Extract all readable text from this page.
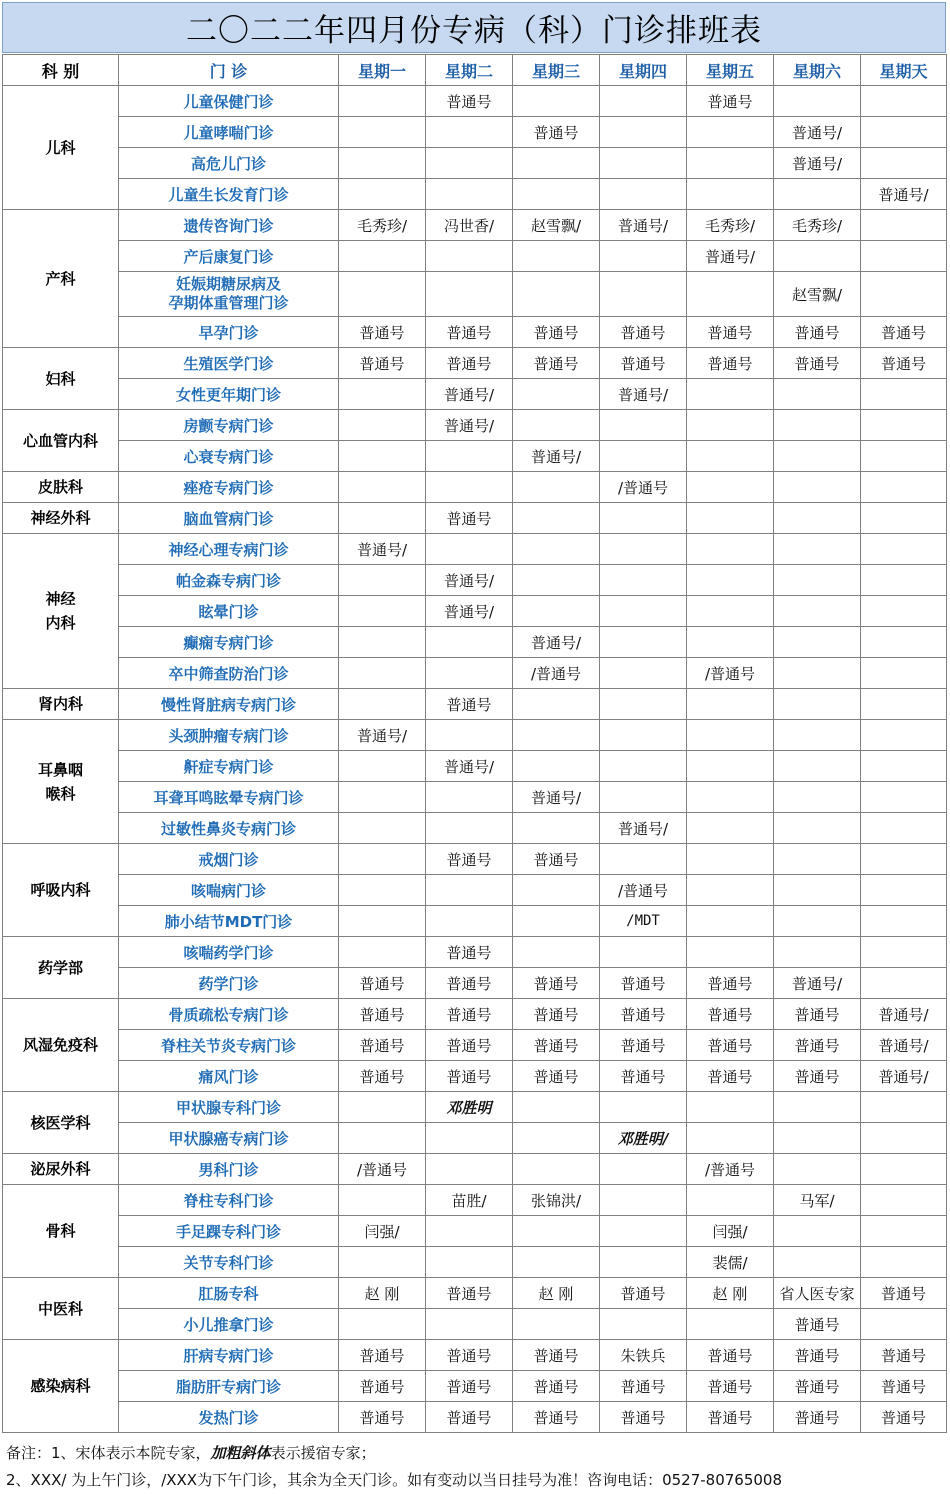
二〇二二年四月份专病（科）门诊排班表
科 别	门 诊	星期一	星期二	星期三	星期四	星期五	星期六	星期天
儿科	儿童保健门诊		普通号			普通号		
	儿童哮喘门诊			普通号			普通号/	
	高危儿门诊						普通号/	
	儿童生长发育门诊							普通号/
产科	遗传咨询门诊	毛秀珍/	冯世香/	赵雪飘/	普通号/	毛秀珍/	毛秀珍/	
	产后康复门诊					普通号/		

	妊娠期糖尿病及
孕期体重管理门诊						赵雪飘/	
	早孕门诊	普通号	普通号	普通号	普通号	普通号	普通号	普通号
妇科	生殖医学门诊	普通号	普通号	普通号	普通号	普通号	普通号	普通号
	女性更年期门诊		普通号/		普通号/			
心血管内科	房颤专病门诊		普通号/					
	心衰专病门诊			普通号/				
皮肤科	痤疮专病门诊				/普通号			
神经外科	脑血管病门诊		普通号					

神经
内科	神经心理专病门诊	普通号/						
	帕金森专病门诊		普通号/					
	眩晕门诊		普通号/					
	癫痫专病门诊			普通号/				
	卒中筛查防治门诊			/普通号		/普通号		
肾内科	慢性肾脏病专病门诊		普通号					

耳鼻咽
喉科	头颈肿瘤专病门诊	普通号/						
	鼾症专病门诊		普通号/					
	耳聋耳鸣眩晕专病门诊			普通号/				
	过敏性鼻炎专病门诊				普通号/			
呼吸内科	戒烟门诊		普通号	普通号				
	咳喘病门诊				/普通号			
	肺小结节MDT门诊				/MDT			
药学部	咳喘药学门诊		普通号					
	药学门诊	普通号	普通号	普通号	普通号	普通号	普通号/	
风湿免疫科	骨质疏松专病门诊	普通号	普通号	普通号	普通号	普通号	普通号	普通号/
	脊柱关节炎专病门诊	普通号	普通号	普通号	普通号	普通号	普通号	普通号/
	痛风门诊	普通号	普通号	普通号	普通号	普通号	普通号	普通号/
核医学科	甲状腺专科门诊		邓胜明					
	甲状腺癌专病门诊				邓胜明/			
泌尿外科	男科门诊	/普通号				/普通号		
骨科	脊柱专科门诊		苗胜/	张锦洪/			马军/	
	手足踝专科门诊	闫强/				闫强/		
	关节专科门诊					裴儒/		
中医科	肛肠专科	赵 刚	普通号	赵 刚	普通号	赵 刚	省人医专家	普通号
	小儿推拿门诊						普通号	
感染病科	肝病专病门诊	普通号	普通号	普通号	朱铁兵	普通号	普通号	普通号
	脂肪肝专病门诊	普通号	普通号	普通号	普通号	普通号	普通号	普通号
	发热门诊	普通号	普通号	普通号	普通号	普通号	普通号	普通号
备注：1、宋体表示本院专家，加粗斜体表示援宿专家；
2、XXX/ 为上午门诊，/XXX为下午门诊，其余为全天门诊。如有变动以当日挂号为准！咨询电话：0527-80765008
